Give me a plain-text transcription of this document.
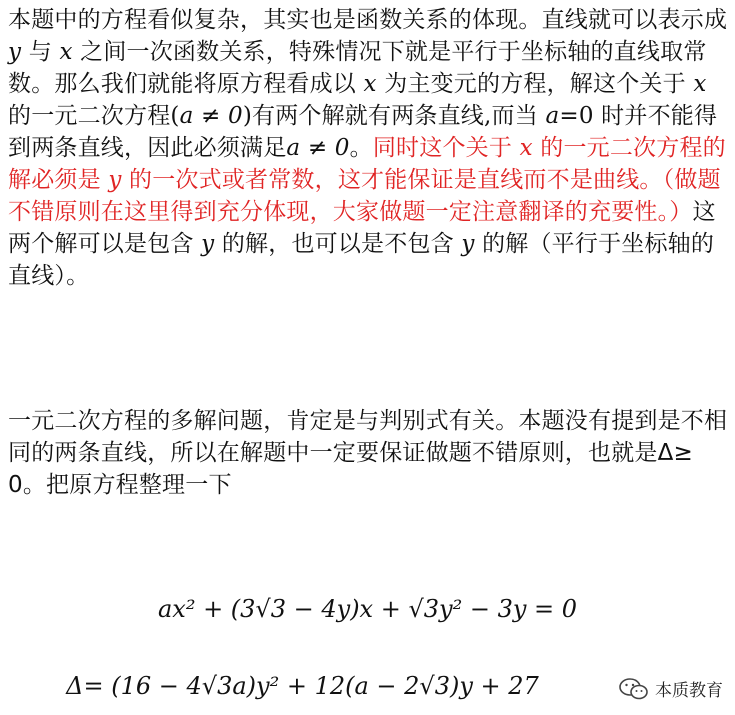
本题中的方程看似复杂，其实也是函数关系的体现。直线就可以表示成 y 与 x 之间一次函数关系，特殊情况下就是平行于坐标轴的直线取常数。那么我们就能将原方程看成以 x 为主变元的方程，解这个关于 x 的一元二次方程(a ≠ 0)有两个解就有两条直线,而当 a=0 时并不能得到两条直线，因此必须满足a ≠ 0。同时这个关于 x 的一元二次方程的解必须是 y 的一次式或者常数，这才能保证是直线而不是曲线。（做题不错原则在这里得到充分体现，大家做题一定注意翻译的充要性。）这两个解可以是包含 y 的解，也可以是不包含 y 的解（平行于坐标轴的直线）。
一元二次方程的多解问题，肯定是与判别式有关。本题没有提到是不相同的两条直线，所以在解题中一定要保证做题不错原则，也就是Δ≥ 0。把原方程整理一下
ax² + (3√3 − 4y)x + √3y² − 3y = 0
Δ= (16 − 4√3a)y² + 12(a − 2√3)y + 27	本质教育
